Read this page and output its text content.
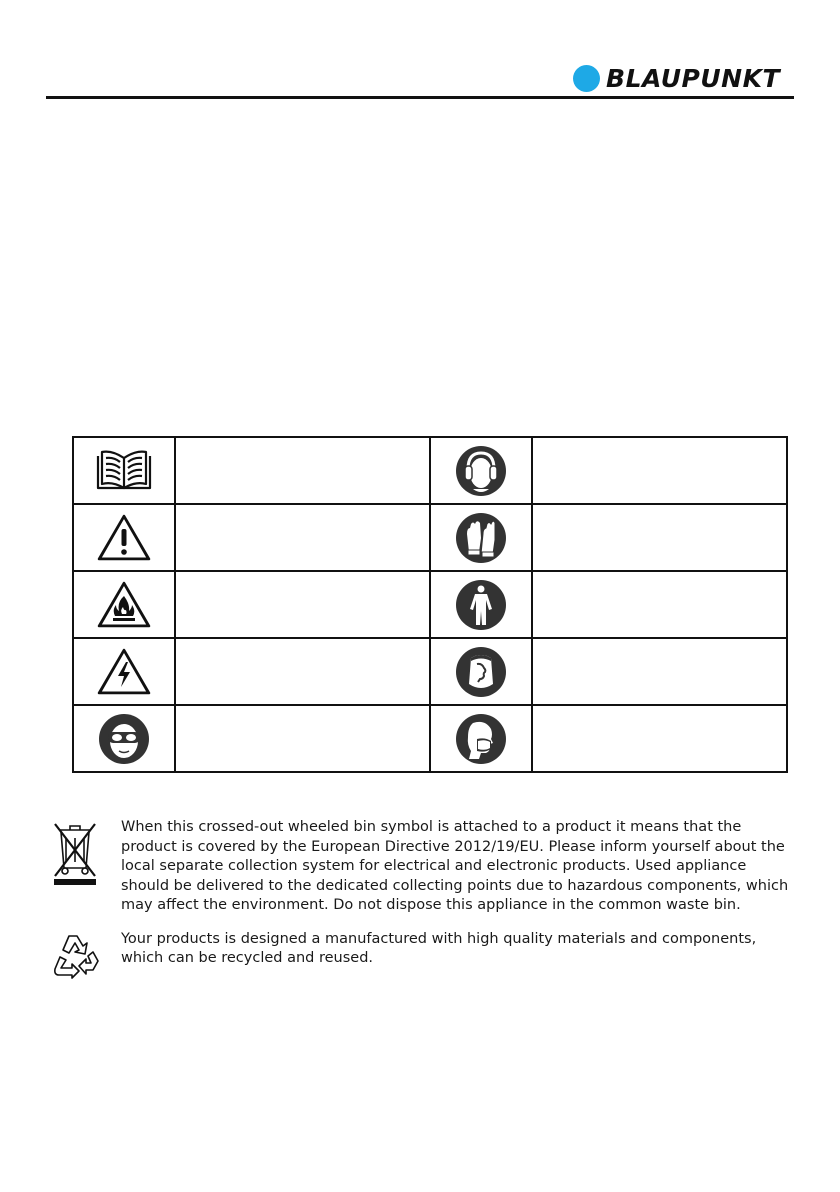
BLAUPUNKT

When this crossed-out wheeled bin symbol is attached to a product it means that the product is covered by the European Directive 2012/19/EU. Please inform yourself about the local separate collection system for electrical and electronic products. Used appliance should be delivered to the dedicated collecting points due to hazardous components, which may affect the environment. Do not dispose this appliance in the common waste bin.
Your products is designed a manufactured with high quality materials and components, which can be recycled and reused.
